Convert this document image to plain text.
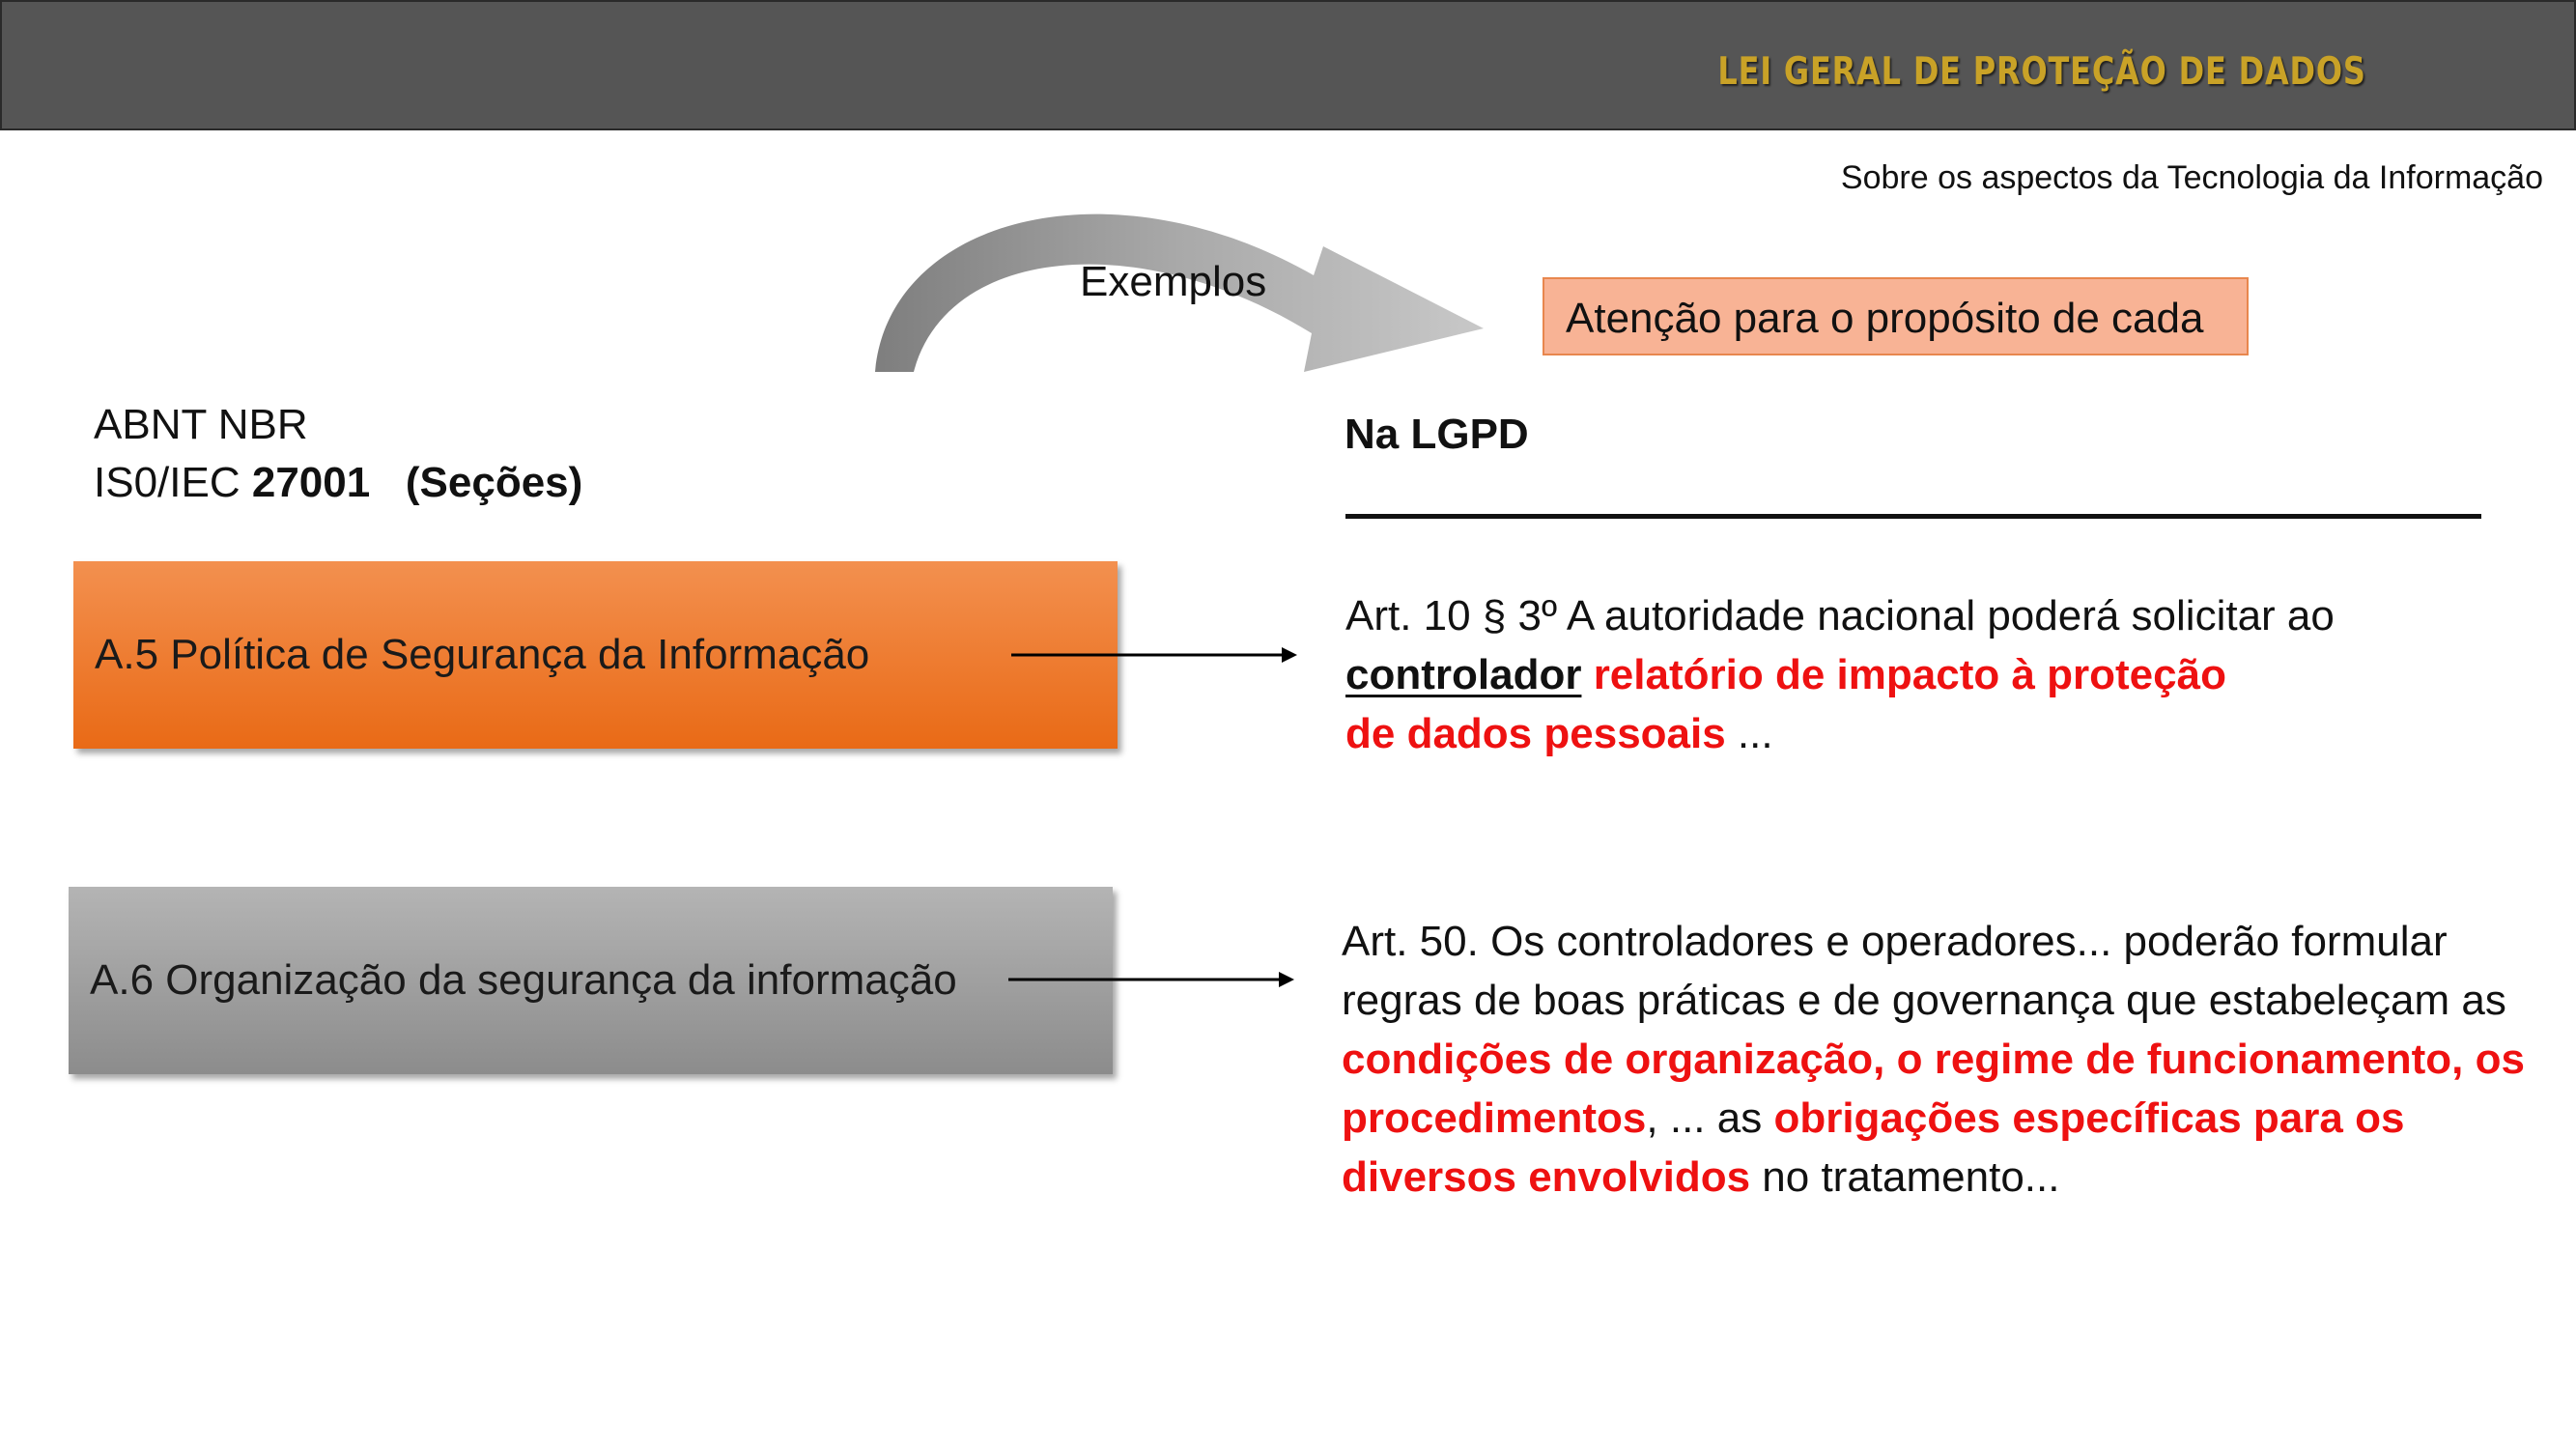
LEI GERAL DE PROTEÇÃO DE DADOS
Sobre os aspectos da Tecnologia da Informação
Exemplos
Atenção para o propósito de cada
ABNT NBR
IS0/IEC 27001 (Seções)
Na LGPD
A.5 Política de Segurança da Informação
A.6 Organização da segurança da informação
Art. 10 § 3º A autoridade nacional poderá solicitar ao
controlador relatório de impacto à proteção
de dados pessoais ...
Art. 50. Os controladores e operadores... poderão formular regras de boas práticas e de governança que estabeleçam as condições de organização, o regime de funcionamento, os procedimentos, ... as obrigações específicas para os diversos envolvidos no tratamento...
